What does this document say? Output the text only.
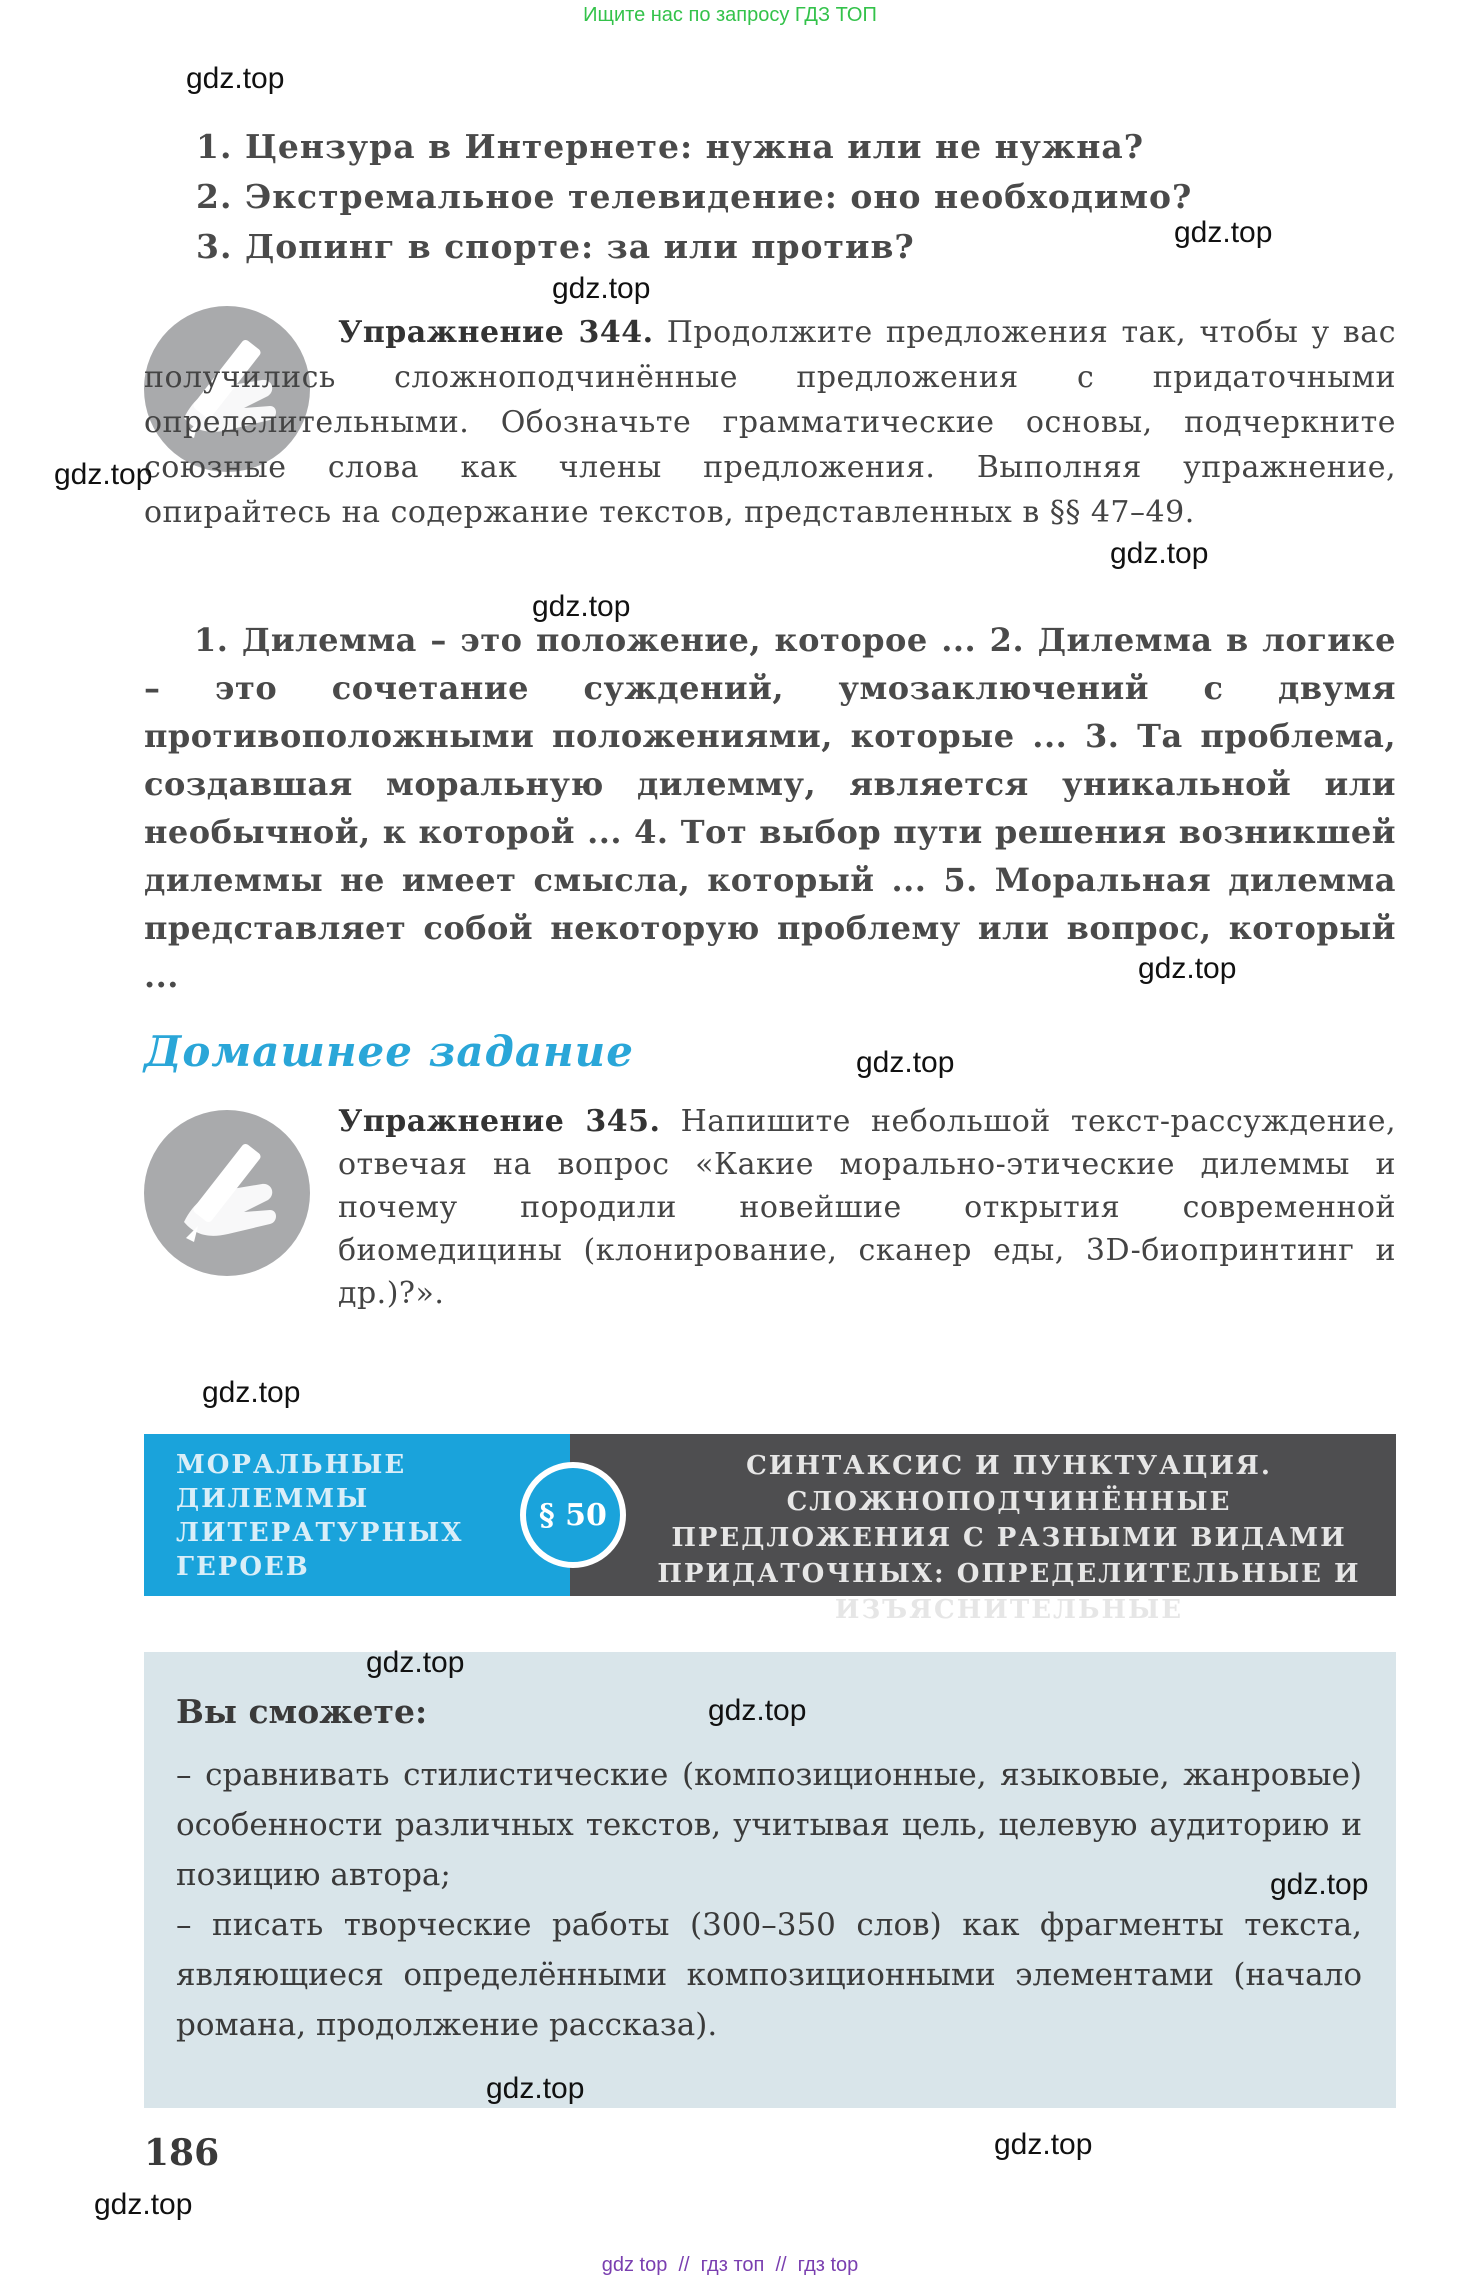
Ищите нас по запросу ГДЗ ТОП
1. Цензура в Интернете: нужна или не нужна?
2. Экстремальное телевидение: оно необходимо?
3. Допинг в спорте: за или против?
Упражнение 344. Продолжите предложения так, чтобы у вас получились сложноподчинённые предложения с придаточными определительными. Обозначьте грамматические основы, подчеркните союзные слова как члены предложения. Выполняя упражнение, опирайтесь на содержание текстов, представленных в §§ 47–49.
1. Дилемма – это положение, которое ... 2. Дилемма в логике – это сочетание суждений, умозаключений с двумя противоположными положениями, которые ... 3. Та проблема, создавшая моральную дилемму, является уникальной или необычной, к которой ... 4. Тот выбор пути решения возникшей дилеммы не имеет смысла, который ... 5. Моральная дилемма представляет собой некоторую проблему или вопрос, который ...
Домашнее задание
Упражнение 345. Напишите небольшой текст-рассуждение, отвечая на вопрос «Какие морально-этические дилеммы и почему породили новейшие открытия современной биомедицины (клонирование, сканер еды, 3D-биопринтинг и др.)?».
МОРАЛЬНЫЕ ДИЛЕММЫ ЛИТЕРАТУРНЫХ ГЕРОЕВ
СИНТАКСИС И ПУНКТУАЦИЯ. СЛОЖНОПОДЧИНЁННЫЕ ПРЕДЛОЖЕНИЯ С РАЗНЫМИ ВИДАМИ ПРИДАТОЧНЫХ: ОПРЕДЕЛИТЕЛЬНЫЕ И ИЗЪЯСНИТЕЛЬНЫЕ
§ 50
Вы сможете:
– сравнивать стилистические (композиционные, языковые, жанровые) особенности различных текстов, учитывая цель, целевую аудиторию и позицию автора;
– писать творческие работы (300–350 слов) как фрагменты текста, являющиеся определёнными композиционными элементами (начало романа, продолжение рассказа).
186
gdz.top
gdz.top
gdz.top
gdz.top
gdz.top
gdz.top
gdz.top
gdz.top
gdz.top
gdz.top
gdz.top
gdz.top
gdz.top
gdz.top
gdz.top
gdz top  //  гдз топ  //  гдз top
